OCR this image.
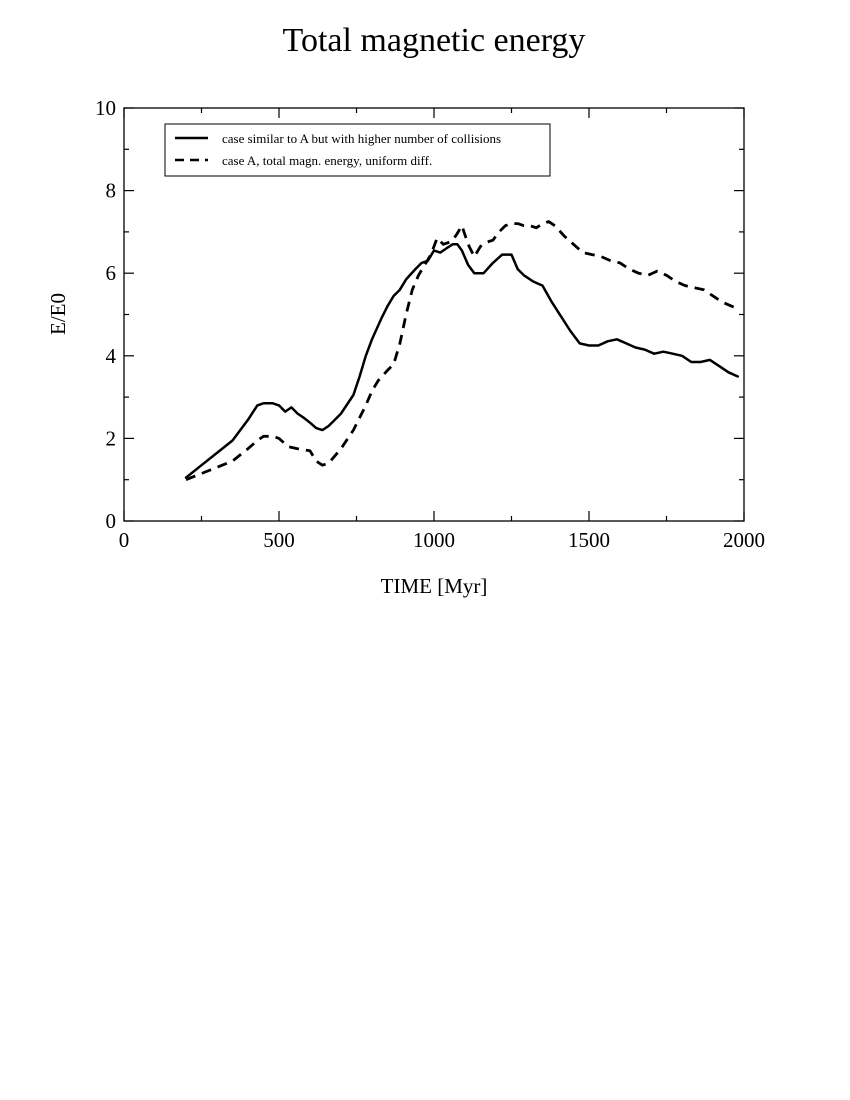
Total magnetic energy
0	500	1000	1500	2000
0
2
4
6
8
10
TIME [Myr]
E/E0
case similar to A but with higher number of collisions
case A, total magn. energy, uniform diff.
